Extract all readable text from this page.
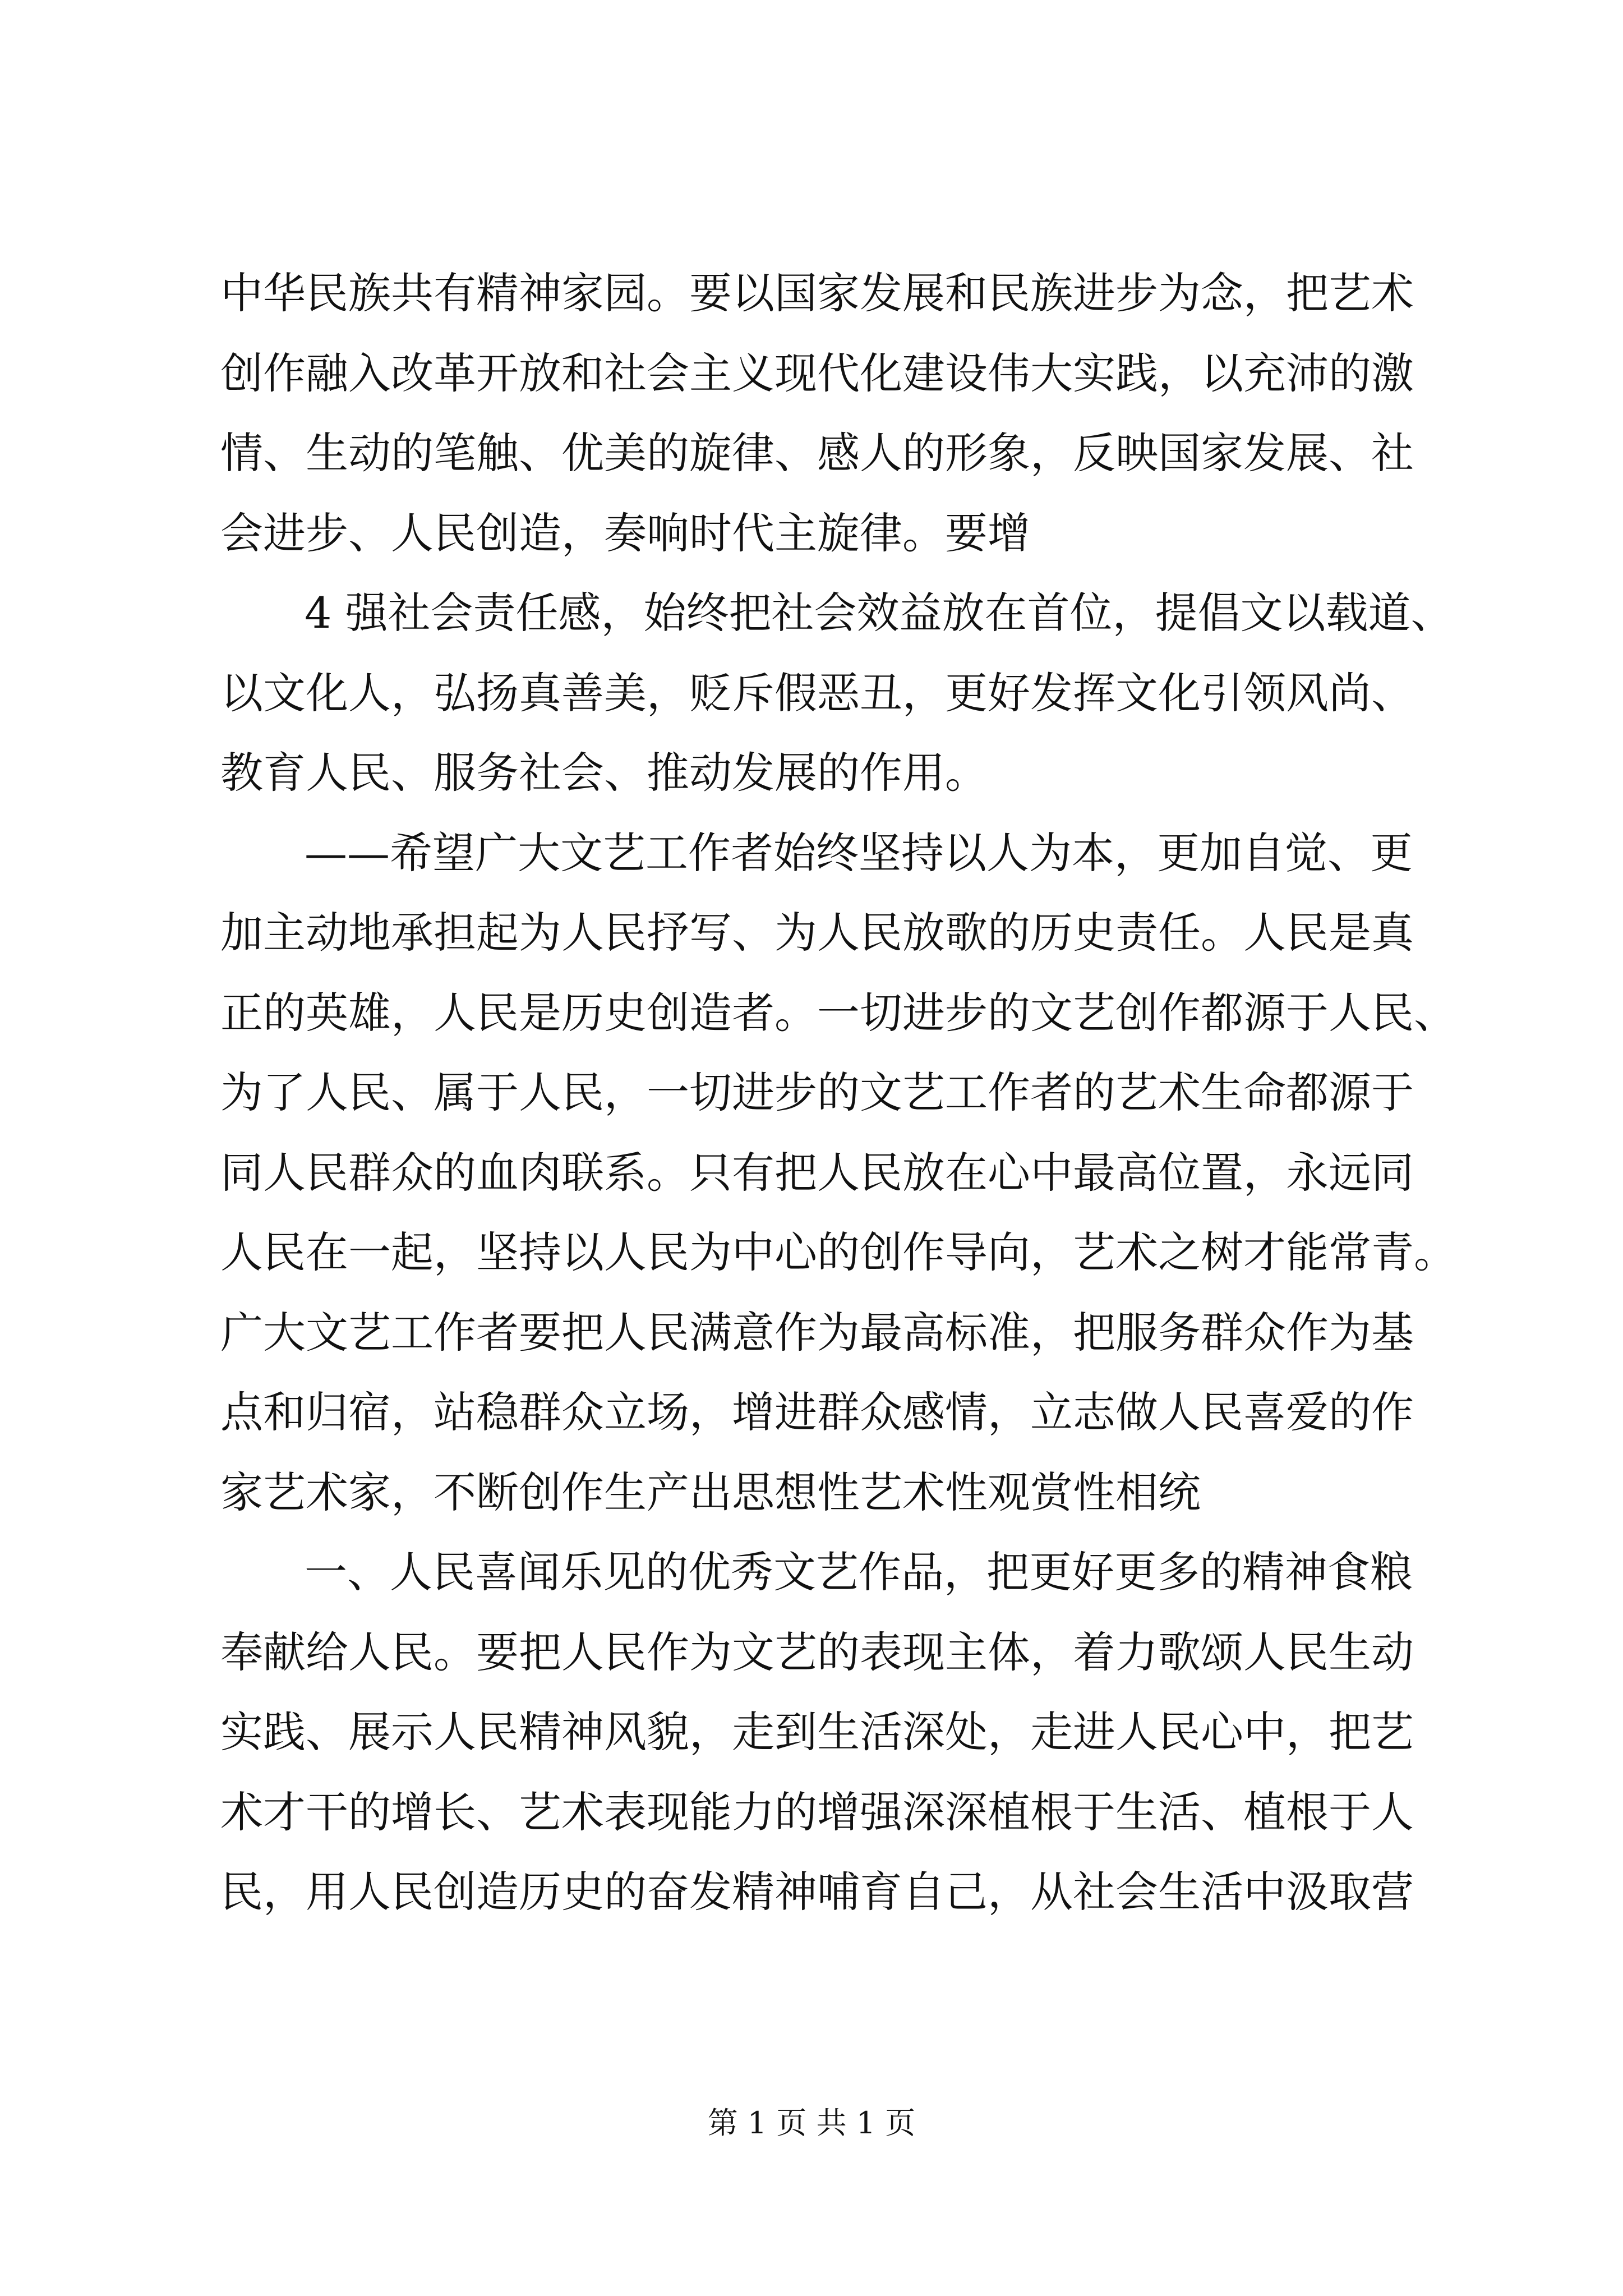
中华民族共有精神家园。要以国家发展和民族进步为念，把艺术
创作融入改革开放和社会主义现代化建设伟大实践，以充沛的激
情、生动的笔触、优美的旋律、感人的形象，反映国家发展、社
会进步、人民创造，奏响时代主旋律。要增
4 强社会责任感，始终把社会效益放在首位，提倡文以载道、
以文化人，弘扬真善美，贬斥假恶丑，更好发挥文化引领风尚、
教育人民、服务社会、推动发展的作用。
——希望广大文艺工作者始终坚持以人为本，更加自觉、更
加主动地承担起为人民抒写、为人民放歌的历史责任。人民是真
正的英雄，人民是历史创造者。一切进步的文艺创作都源于人民、
为了人民、属于人民，一切进步的文艺工作者的艺术生命都源于
同人民群众的血肉联系。只有把人民放在心中最高位置，永远同
人民在一起，坚持以人民为中心的创作导向，艺术之树才能常青。
广大文艺工作者要把人民满意作为最高标准，把服务群众作为基
点和归宿，站稳群众立场，增进群众感情，立志做人民喜爱的作
家艺术家，不断创作生产出思想性艺术性观赏性相统
一、人民喜闻乐见的优秀文艺作品，把更好更多的精神食粮
奉献给人民。要把人民作为文艺的表现主体，着力歌颂人民生动
实践、展示人民精神风貌，走到生活深处，走进人民心中，把艺
术才干的增长、艺术表现能力的增强深深植根于生活、植根于人
民，用人民创造历史的奋发精神哺育自己，从社会生活中汲取营
第 1 页 共 1 页
